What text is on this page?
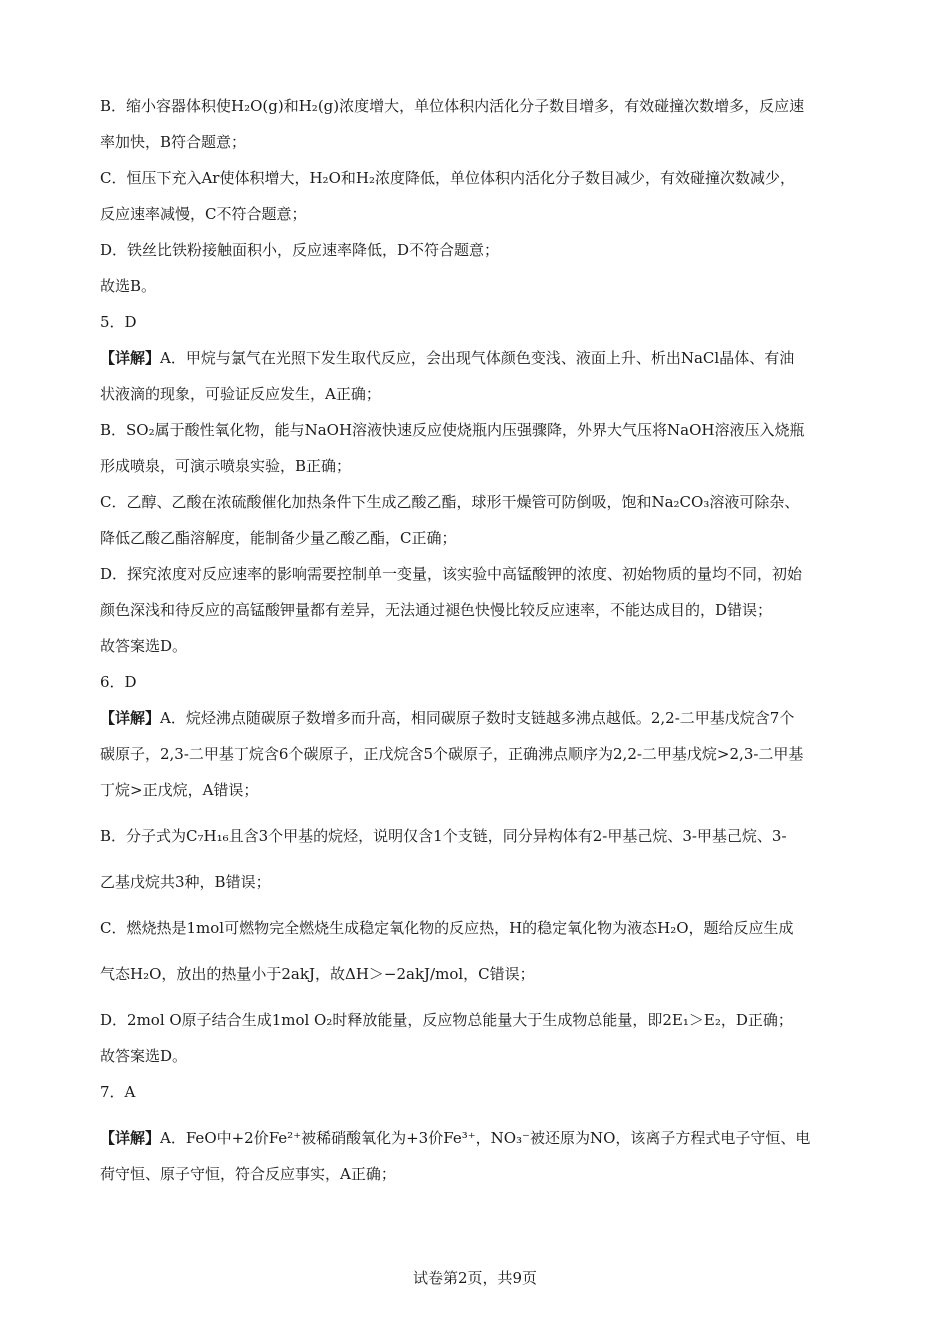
B．缩小容器体积使H₂O(g)和H₂(g)浓度增大，单位体积内活化分子数目增多，有效碰撞次数增多，反应速
率加快，B符合题意；
C．恒压下充入Ar使体积增大，H₂O和H₂浓度降低，单位体积内活化分子数目减少，有效碰撞次数减少，
反应速率减慢，C不符合题意；
D．铁丝比铁粉接触面积小，反应速率降低，D不符合题意；
故选B。
5．D
【详解】A．甲烷与氯气在光照下发生取代反应，会出现气体颜色变浅、液面上升、析出NaCl晶体、有油
状液滴的现象，可验证反应发生，A正确；
B．SO₂属于酸性氧化物，能与NaOH溶液快速反应使烧瓶内压强骤降，外界大气压将NaOH溶液压入烧瓶
形成喷泉，可演示喷泉实验，B正确；
C．乙醇、乙酸在浓硫酸催化加热条件下生成乙酸乙酯，球形干燥管可防倒吸，饱和Na₂CO₃溶液可除杂、
降低乙酸乙酯溶解度，能制备少量乙酸乙酯，C正确；
D．探究浓度对反应速率的影响需要控制单一变量，该实验中高锰酸钾的浓度、初始物质的量均不同，初始
颜色深浅和待反应的高锰酸钾量都有差异，无法通过褪色快慢比较反应速率，不能达成目的，D错误；
故答案选D。
6．D
【详解】A．烷烃沸点随碳原子数增多而升高，相同碳原子数时支链越多沸点越低。2,2-二甲基戊烷含7个
碳原子，2,3-二甲基丁烷含6个碳原子，正戊烷含5个碳原子，正确沸点顺序为2,2-二甲基戊烷>2,3-二甲基
丁烷>正戊烷，A错误；
B．分子式为C₇H₁₆且含3个甲基的烷烃，说明仅含1个支链，同分异构体有2-甲基己烷、3-甲基己烷、3-
乙基戊烷共3种，B错误；
C．燃烧热是1mol可燃物完全燃烧生成稳定氧化物的反应热，H的稳定氧化物为液态H₂O，题给反应生成
气态H₂O，放出的热量小于2akJ，故ΔH＞−2akJ/mol，C错误；
D．2mol O原子结合生成1mol O₂时释放能量，反应物总能量大于生成物总能量，即2E₁＞E₂，D正确；
故答案选D。
7．A
【详解】A．FeO中+2价Fe²⁺被稀硝酸氧化为+3价Fe³⁺，NO₃⁻被还原为NO，该离子方程式电子守恒、电
荷守恒、原子守恒，符合反应事实，A正确；
试卷第2页，共9页
